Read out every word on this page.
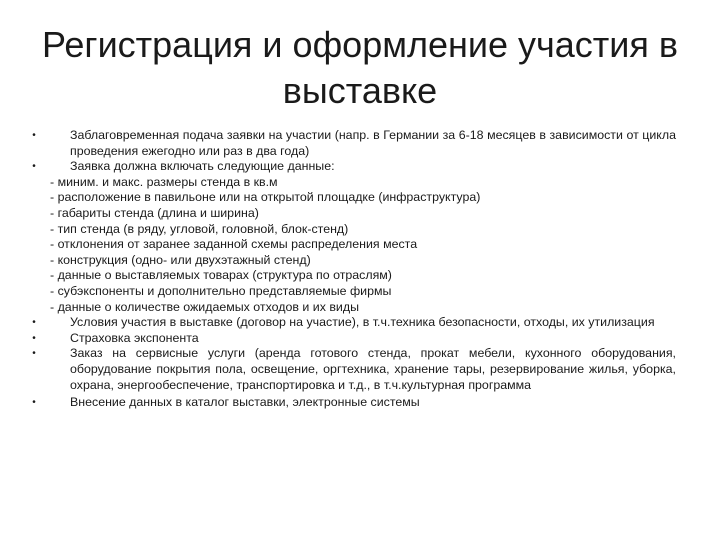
Регистрация и оформление участия в выставке
•	Заблаговременная подача заявки на участии (напр. в Германии за 6-18 месяцев в зависимости от цикла проведения ежегодно или раз в два года)
•	Заявка должна включать следующие данные:
- миним. и макс. размеры стенда в кв.м
- расположение в павильоне или на открытой площадке (инфраструктура)
- габариты стенда (длина и ширина)
- тип стенда (в ряду, угловой, головной, блок-стенд)
- отклонения от заранее заданной схемы распределения места
- конструкция (одно- или двухэтажный стенд)
- данные о выставляемых товарах (структура по отраслям)
- субэкспоненты и дополнительно представляемые фирмы
- данные о количестве ожидаемых отходов и их виды
•	Условия участия в выставке (договор на участие), в т.ч.техника безопасности, отходы, их утилизация
•	Страховка экспонента
•	Заказ на сервисные услуги (аренда готового стенда, прокат мебели, кухонного оборудования, оборудование покрытия пола, освещение, оргтехника, хранение тары, резервирование жилья, уборка, охрана, энергообеспечение, транспортировка и т.д., в т.ч.культурная программа
•	Внесение данных в каталог выставки, электронные системы
